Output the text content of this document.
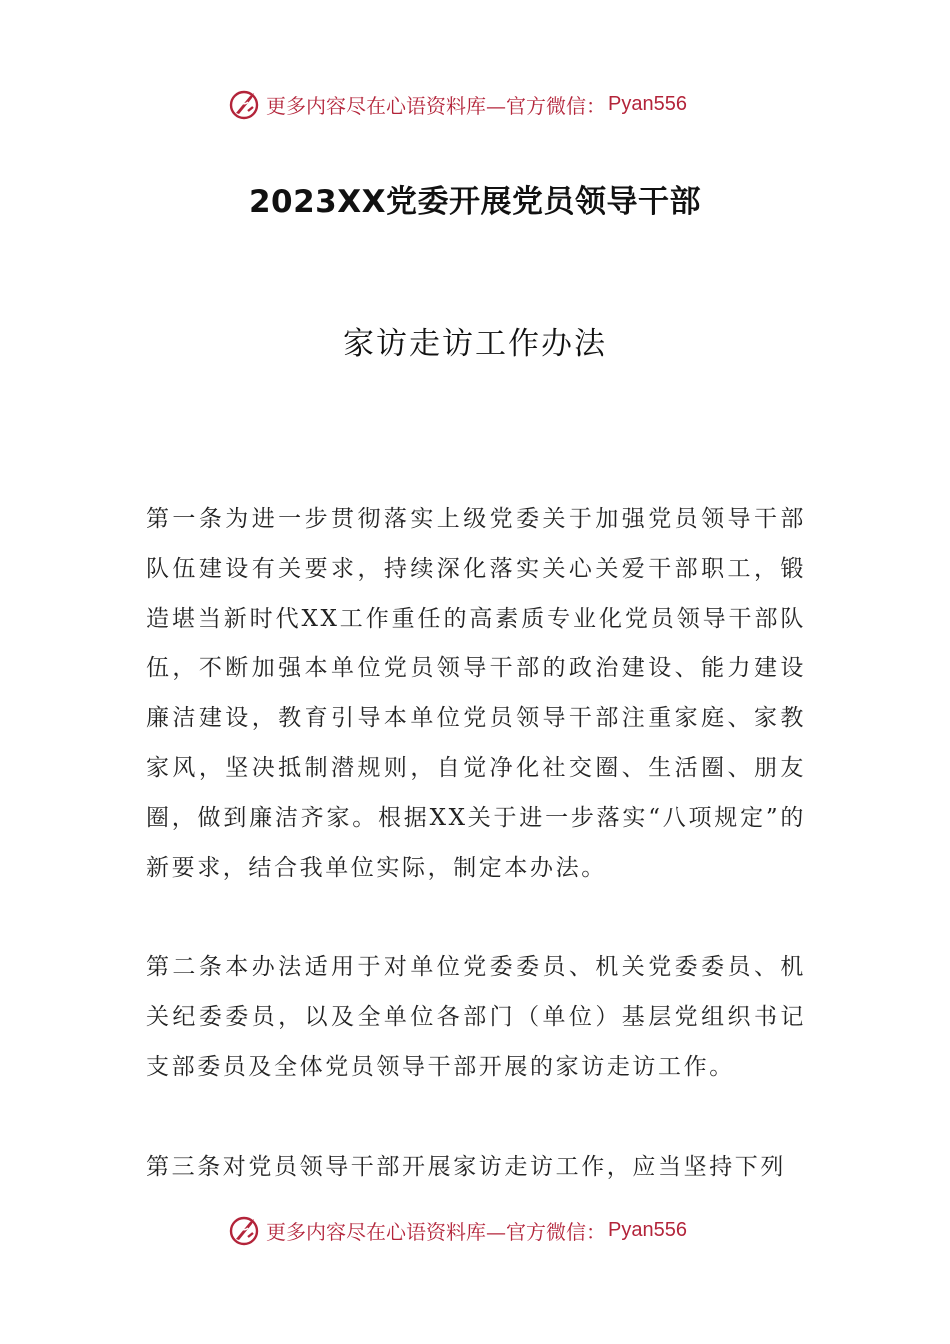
更多内容尽在心语资料库—官方微信： Pyan556
2023XX党委开展党员领导干部
家访走访工作办法

第一条为进一步贯彻落实上级党委关于加强党员领导干部队伍建设有关要求，持续深化落实关心关爱干部职工，锻造堪当新时代XX工作重任的高素质专业化党员领导干部队伍，不断加强本单位党员领导干部的政治建设、能力建设廉洁建设，教育引导本单位党员领导干部注重家庭、家教家风，坚决抵制潜规则，自觉净化社交圈、生活圈、朋友圈，做到廉洁齐家。根据XX关于进一步落实“八项规定”的新要求，结合我单位实际，制定本办法。

第二条本办法适用于对单位党委委员、机关党委委员、机关纪委委员，以及全单位各部门（单位）基层党组织书记支部委员及全体党员领导干部开展的家访走访工作。

第三条对党员领导干部开展家访走访工作，应当坚持下列

更多内容尽在心语资料库—官方微信： Pyan556
